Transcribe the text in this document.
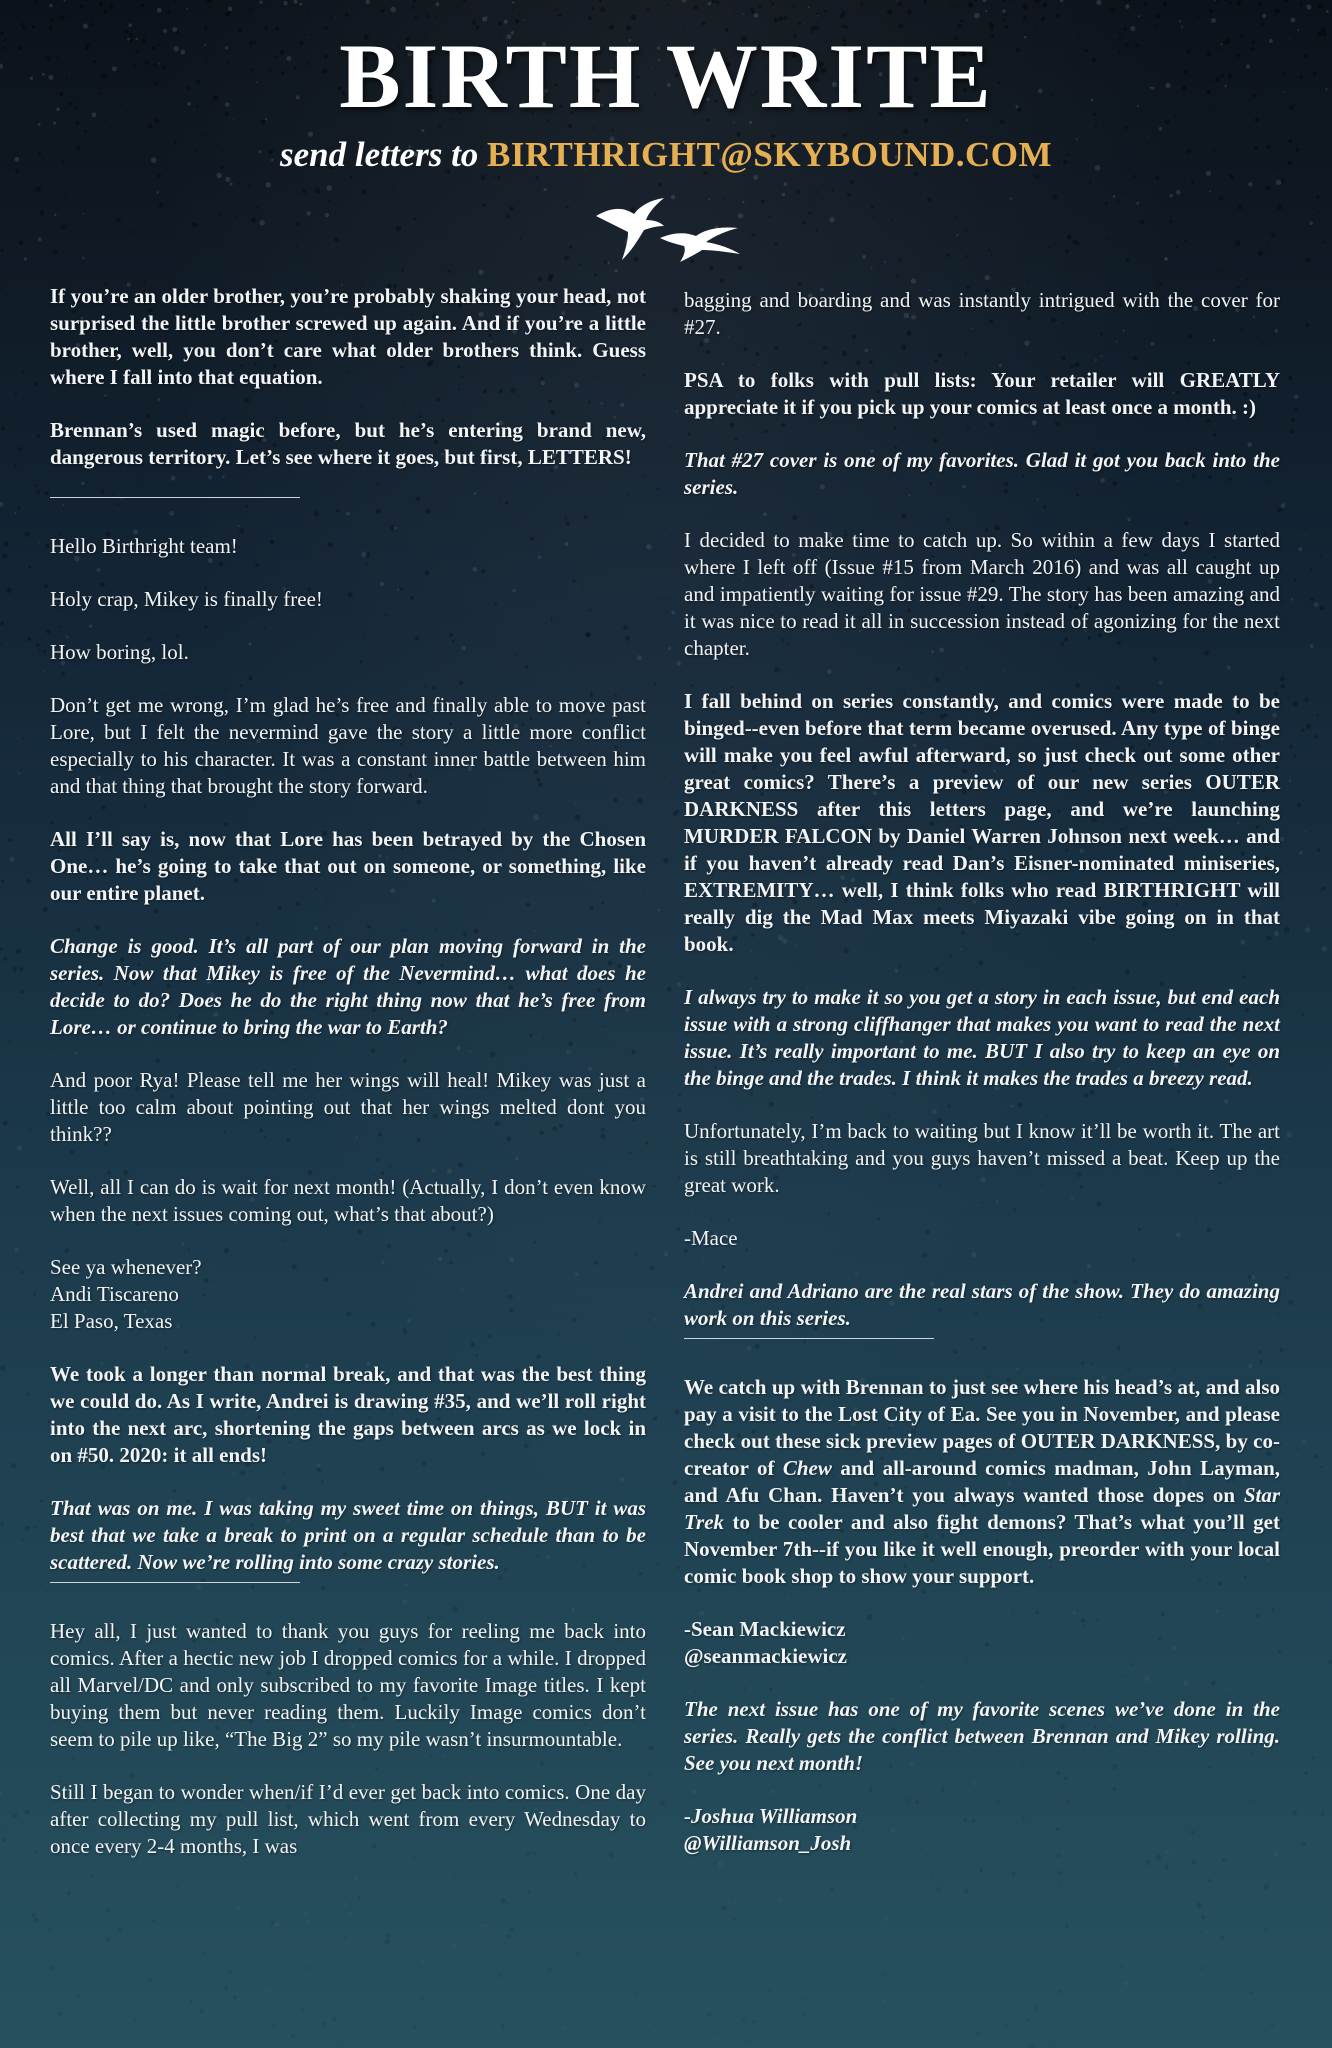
BIRTH WRITE
send letters to BIRTHRIGHT@SKYBOUND.COM

If you’re an older brother, you’re probably shaking your head, not surprised the little brother screwed up again. And if you’re a little brother, well, you don’t care what older brothers think. Guess where I fall into that equation.

Brennan’s used magic before, but he’s entering brand new, dangerous territory. Let’s see where it goes, but first, LETTERS!

Hello Birthright team!

Holy crap, Mikey is finally free!

How boring, lol.

Don’t get me wrong, I’m glad he’s free and finally able to move past Lore, but I felt the nevermind gave the story a little more conflict especially to his character. It was a constant inner battle between him and that thing that brought the story forward.

All I’ll say is, now that Lore has been betrayed by the Chosen One… he’s going to take that out on someone, or something, like our entire planet.

Change is good. It’s all part of our plan moving forward in the series. Now that Mikey is free of the Nevermind… what does he decide to do? Does he do the right thing now that he’s free from Lore… or continue to bring the war to Earth?

And poor Rya! Please tell me her wings will heal! Mikey was just a little too calm about pointing out that her wings melted dont you think??

Well, all I can do is wait for next month! (Actually, I don’t even know when the next issues coming out, what’s that about?)

See ya whenever?
Andi Tiscareno
El Paso, Texas

We took a longer than normal break, and that was the best thing we could do. As I write, Andrei is drawing #35, and we’ll roll right into the next arc, shortening the gaps between arcs as we lock in on #50. 2020: it all ends!

That was on me. I was taking my sweet time on things, BUT it was best that we take a break to print on a regular schedule than to be scattered. Now we’re rolling into some crazy stories.

Hey all, I just wanted to thank you guys for reeling me back into comics. After a hectic new job I dropped comics for a while. I dropped all Marvel/DC and only subscribed to my favorite Image titles. I kept buying them but never reading them. Luckily Image comics don’t seem to pile up like, “The Big 2” so my pile wasn’t insurmountable.

Still I began to wonder when/if I’d ever get back into comics. One day after collecting my pull list, which went from every Wednesday to once every 2-4 months, I was

bagging and boarding and was instantly intrigued with the cover for #27.

PSA to folks with pull lists: Your retailer will GREATLY appreciate it if you pick up your comics at least once a month. :)

That #27 cover is one of my favorites. Glad it got you back into the series.

I decided to make time to catch up. So within a few days I started where I left off (Issue #15 from March 2016) and was all caught up and impatiently waiting for issue #29. The story has been amazing and it was nice to read it all in succession instead of agonizing for the next chapter.

I fall behind on series constantly, and comics were made to be binged--even before that term became overused. Any type of binge will make you feel awful afterward, so just check out some other great comics? There’s a preview of our new series OUTER DARKNESS after this letters page, and we’re launching MURDER FALCON by Daniel Warren Johnson next week… and if you haven’t already read Dan’s Eisner-nominated miniseries, EXTREMITY… well, I think folks who read BIRTHRIGHT will really dig the Mad Max meets Miyazaki vibe going on in that book.

I always try to make it so you get a story in each issue, but end each issue with a strong cliffhanger that makes you want to read the next issue. It’s really important to me. BUT I also try to keep an eye on the binge and the trades. I think it makes the trades a breezy read.

Unfortunately, I’m back to waiting but I know it’ll be worth it. The art is still breathtaking and you guys haven’t missed a beat. Keep up the great work.

-Mace

Andrei and Adriano are the real stars of the show. They do amazing work on this series.

We catch up with Brennan to just see where his head’s at, and also pay a visit to the Lost City of Ea. See you in November, and please check out these sick preview pages of OUTER DARKNESS, by co-creator of Chew and all-around comics madman, John Layman, and Afu Chan. Haven’t you always wanted those dopes on Star Trek to be cooler and also fight demons? That’s what you’ll get November 7th--if you like it well enough, preorder with your local comic book shop to show your support.

-Sean Mackiewicz
@seanmackiewicz

The next issue has one of my favorite scenes we’ve done in the series. Really gets the conflict between Brennan and Mikey rolling. See you next month!

-Joshua Williamson
@Williamson_Josh
